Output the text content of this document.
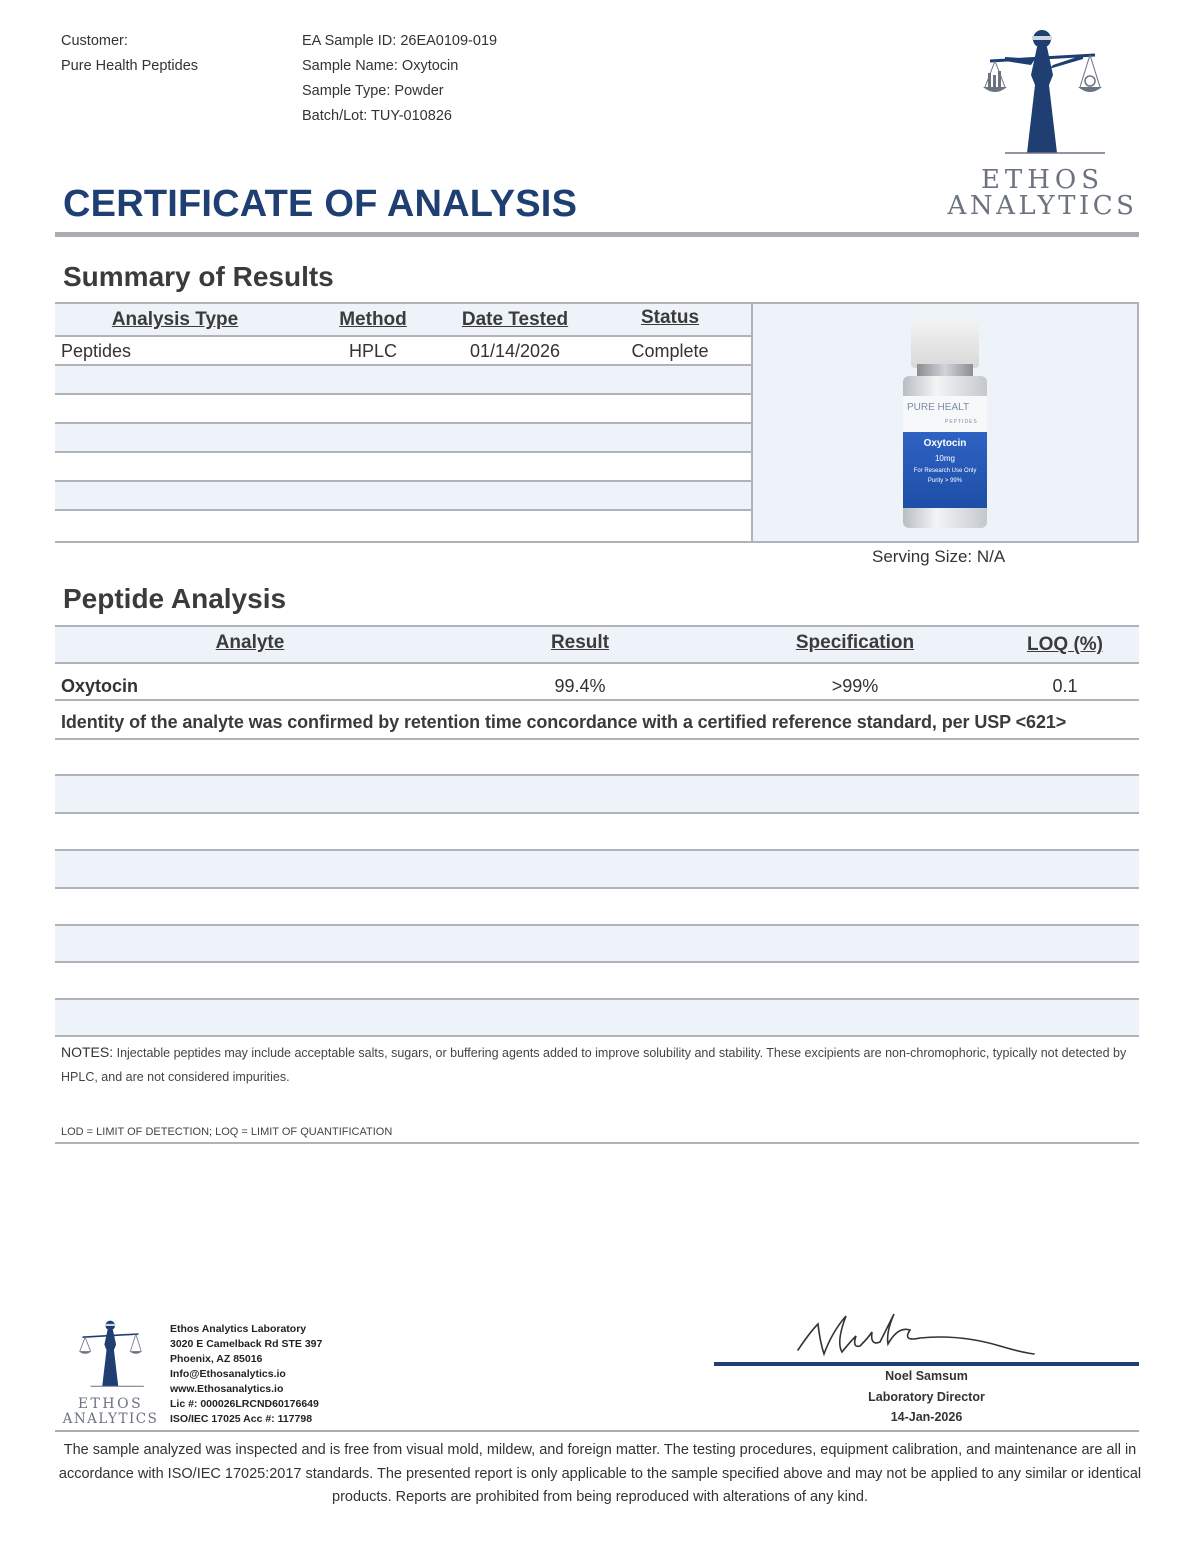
Customer:
Pure Health Peptides
EA Sample ID: 26EA0109-019
Sample Name: Oxytocin
Sample Type: Powder
Batch/Lot: TUY-010826
ETHOS
ANALYTICS
CERTIFICATE OF ANALYSIS
Summary of Results
Analysis Type	Method	Date Tested	Status
Peptides	HPLC	01/14/2026	Complete
PURE HEALT
PEPTIDES
Oxytocin
10mg
For Research Use Only
Purity > 99%
Serving Size: N/A
Peptide Analysis
Analyte	Result	Specification	LOQ (%)
Oxytocin	99.4%	>99%	0.1
Identity of the analyte was confirmed by retention time concordance with a certified reference standard, per USP <621>
NOTES: Injectable peptides may include acceptable salts, sugars, or buffering agents added to improve solubility and stability. These excipients are non-chromophoric, typically not detected by HPLC, and are not considered impurities.
LOD = LIMIT OF DETECTION; LOQ = LIMIT OF QUANTIFICATION
ETHOS
ANALYTICS
Ethos Analytics Laboratory
3020 E Camelback Rd STE 397
Phoenix, AZ 85016
Info@Ethosanalytics.io
www.Ethosanalytics.io
Lic #: 000026LRCND60176649
ISO/IEC 17025 Acc #: 117798
Noel Samsum
Laboratory Director
14-Jan-2026
The sample analyzed was inspected and is free from visual mold, mildew, and foreign matter. The testing procedures, equipment calibration, and maintenance are all in accordance with ISO/IEC 17025:2017 standards. The presented report is only applicable to the sample specified above and may not be applied to any similar or identical products. Reports are prohibited from being reproduced with alterations of any kind.
